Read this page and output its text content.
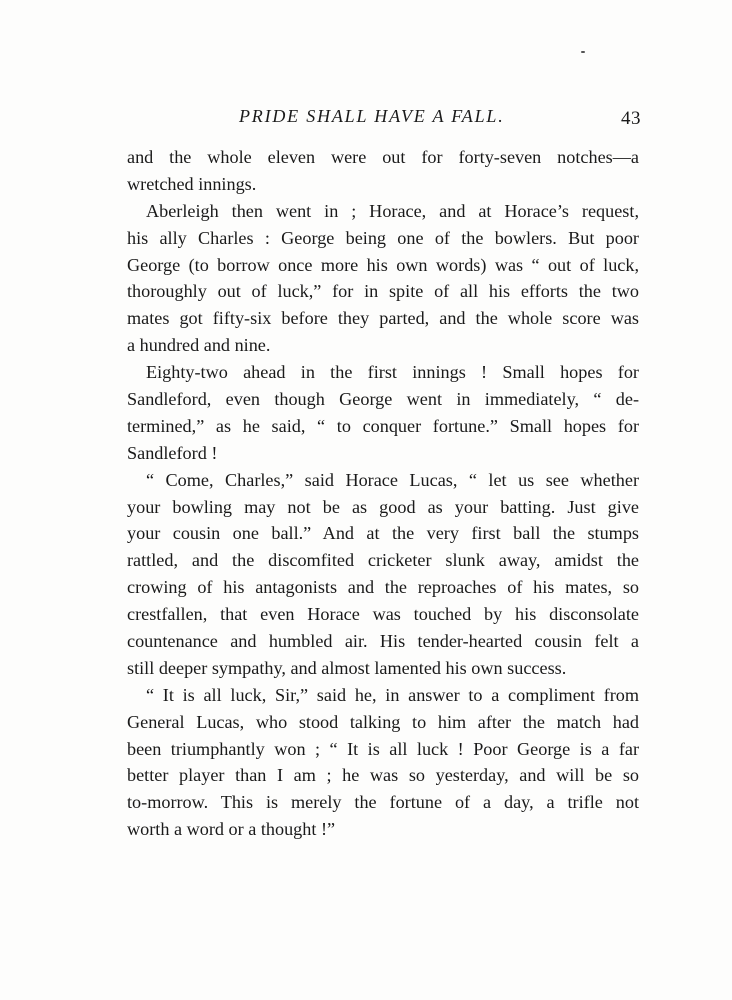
PRIDE SHALL HAVE A FALL.	43
and the whole eleven were out for forty-seven notches—a
wretched innings.
Aberleigh then went in ; Horace, and at Horace’s request,
his ally Charles : George being one of the bowlers. But poor
George (to borrow once more his own words) was “ out of luck,
thoroughly out of luck,” for in spite of all his efforts the two
mates got fifty-six before they parted, and the whole score was
a hundred and nine.
Eighty-two ahead in the first innings ! Small hopes for
Sandleford, even though George went in immediately, “ de-
termined,” as he said, “ to conquer fortune.” Small hopes for
Sandleford !
“ Come, Charles,” said Horace Lucas, “ let us see whether
your bowling may not be as good as your batting. Just give
your cousin one ball.” And at the very first ball the stumps
rattled, and the discomfited cricketer slunk away, amidst the
crowing of his antagonists and the reproaches of his mates, so
crestfallen, that even Horace was touched by his disconsolate
countenance and humbled air. His tender-hearted cousin felt a
still deeper sympathy, and almost lamented his own success.
“ It is all luck, Sir,” said he, in answer to a compliment from
General Lucas, who stood talking to him after the match had
been triumphantly won ; “ It is all luck ! Poor George is a far
better player than I am ; he was so yesterday, and will be so
to-morrow. This is merely the fortune of a day, a trifle not
worth a word or a thought !”
